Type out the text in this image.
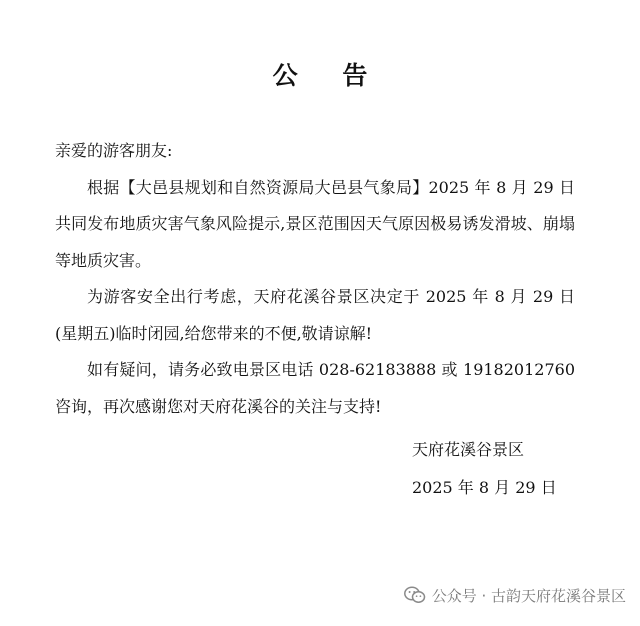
公 告

亲爱的游客朋友:

根据【大邑县规划和自然资源局大邑县气象局】2025 年 8 月 29 日共同发布地质灾害气象风险提示,景区范围因天气原因极易诱发滑坡、崩塌等地质灾害。

为游客安全出行考虑，天府花溪谷景区决定于 2025 年 8 月 29 日(星期五)临时闭园,给您带来的不便,敬请谅解!

如有疑问，请务必致电景区电话 028-62183888 或 19182012760 咨询，再次感谢您对天府花溪谷的关注与支持!

天府花溪谷景区
2025 年 8 月 29 日
公众号 · 古韵天府花溪谷景区
